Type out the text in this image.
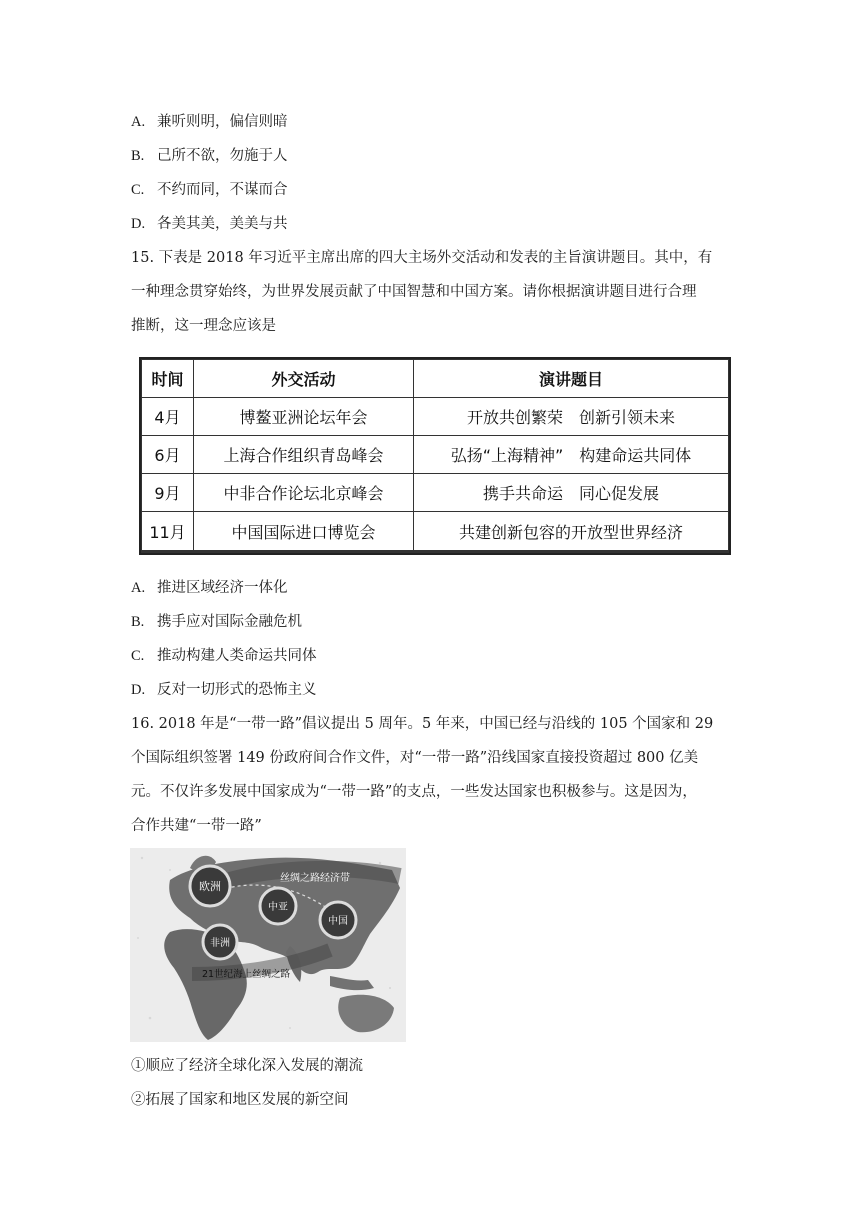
A. 兼听则明，偏信则暗
B. 己所不欲，勿施于人
C. 不约而同，不谋而合
D. 各美其美，美美与共
15. 下表是 2018 年习近平主席出席的四大主场外交活动和发表的主旨演讲题目。其中，有
一种理念贯穿始终，为世界发展贡献了中国智慧和中国方案。请你根据演讲题目进行合理
推断，这一理念应该是
时间	外交活动	演讲题目
4月	博鳌亚洲论坛年会	开放共创繁荣　创新引领未来
6月	上海合作组织青岛峰会	弘扬“上海精神”　构建命运共同体
9月	中非合作论坛北京峰会	携手共命运　同心促发展
11月	中国国际进口博览会	共建创新包容的开放型世界经济
A. 推进区域经济一体化
B. 携手应对国际金融危机
C. 推动构建人类命运共同体
D. 反对一切形式的恐怖主义
16. 2018 年是“一带一路”倡议提出 5 周年。5 年来，中国已经与沿线的 105 个国家和 29
个国际组织签署 149 份政府间合作文件，对“一带一路”沿线国家直接投资超过 800 亿美
元。不仅许多发展中国家成为“一带一路”的支点，一些发达国家也积极参与。这是因为，
合作共建“一带一路”
丝绸之路经济带
21世纪海上丝绸之路
欧洲
中亚
中国
非洲
①顺应了经济全球化深入发展的潮流
②拓展了国家和地区发展的新空间
